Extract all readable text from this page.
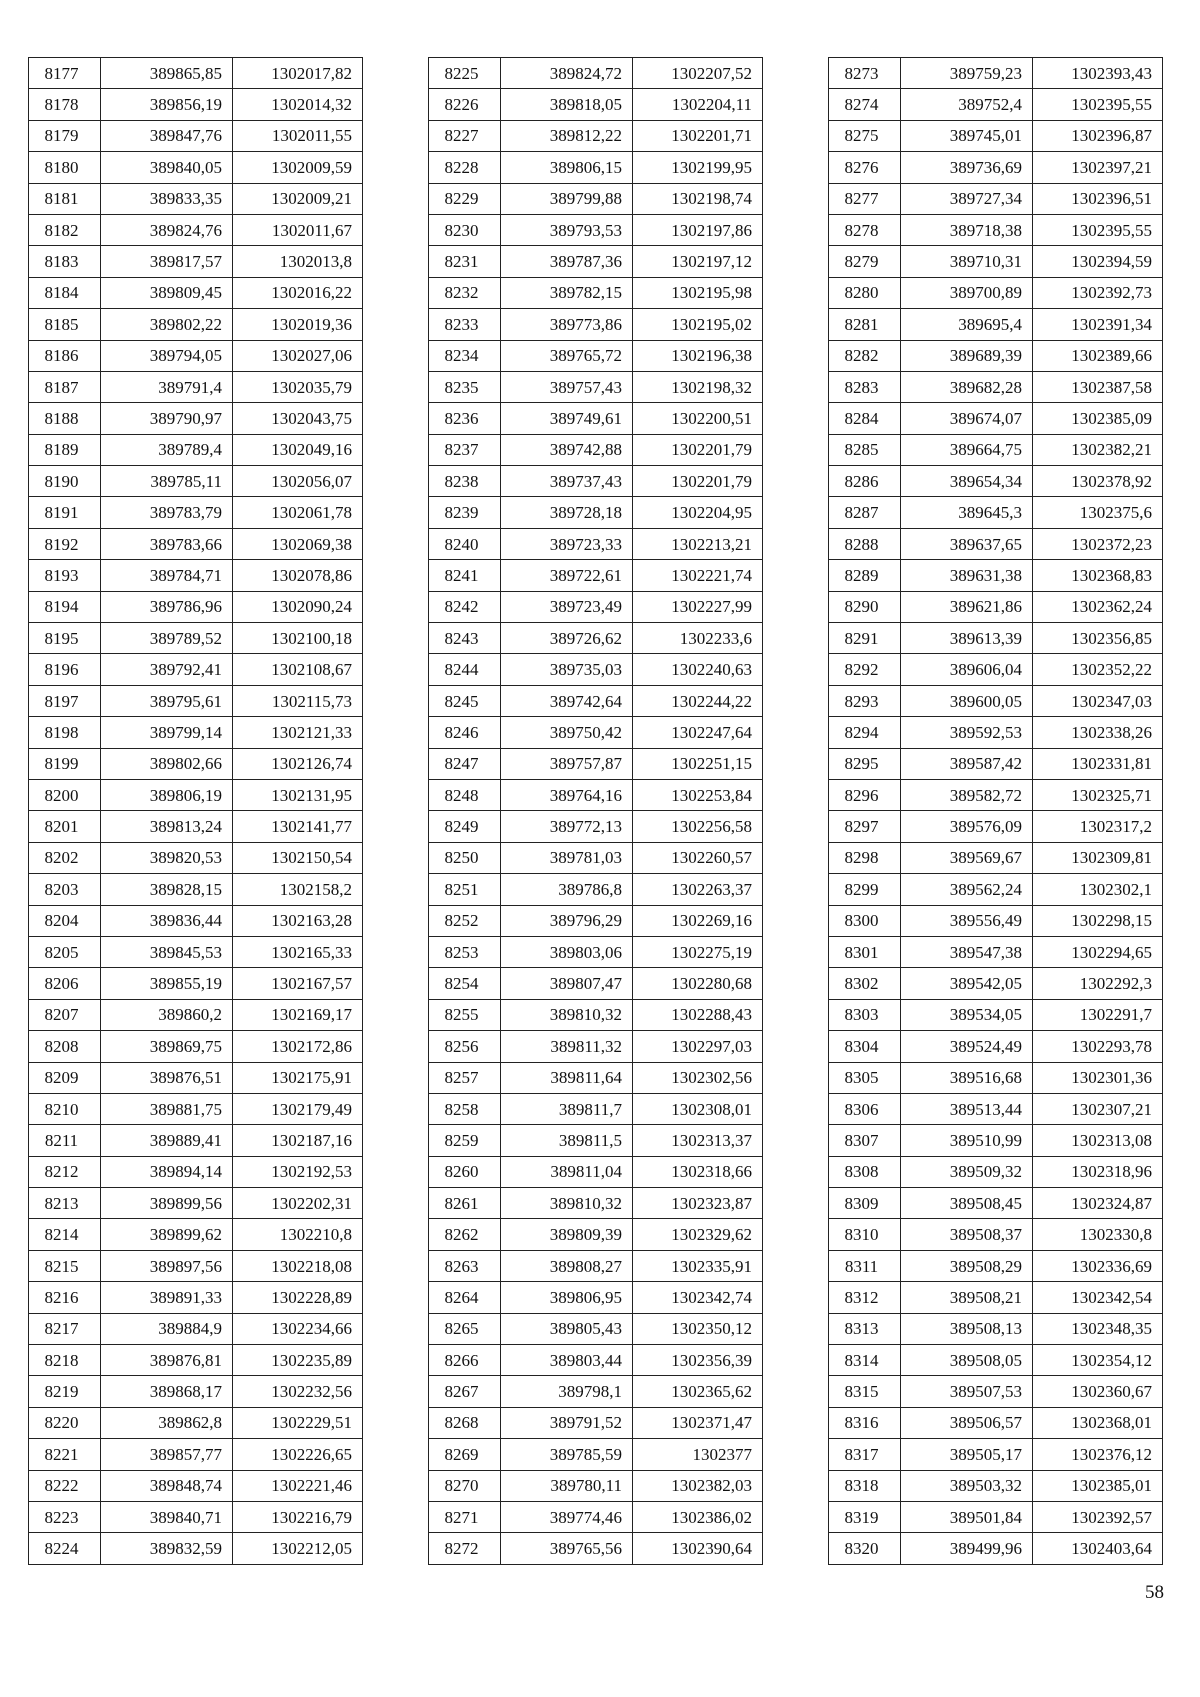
8177	389865,85	1302017,82
8178	389856,19	1302014,32
8179	389847,76	1302011,55
8180	389840,05	1302009,59
8181	389833,35	1302009,21
8182	389824,76	1302011,67
8183	389817,57	1302013,8
8184	389809,45	1302016,22
8185	389802,22	1302019,36
8186	389794,05	1302027,06
8187	389791,4	1302035,79
8188	389790,97	1302043,75
8189	389789,4	1302049,16
8190	389785,11	1302056,07
8191	389783,79	1302061,78
8192	389783,66	1302069,38
8193	389784,71	1302078,86
8194	389786,96	1302090,24
8195	389789,52	1302100,18
8196	389792,41	1302108,67
8197	389795,61	1302115,73
8198	389799,14	1302121,33
8199	389802,66	1302126,74
8200	389806,19	1302131,95
8201	389813,24	1302141,77
8202	389820,53	1302150,54
8203	389828,15	1302158,2
8204	389836,44	1302163,28
8205	389845,53	1302165,33
8206	389855,19	1302167,57
8207	389860,2	1302169,17
8208	389869,75	1302172,86
8209	389876,51	1302175,91
8210	389881,75	1302179,49
8211	389889,41	1302187,16
8212	389894,14	1302192,53
8213	389899,56	1302202,31
8214	389899,62	1302210,8
8215	389897,56	1302218,08
8216	389891,33	1302228,89
8217	389884,9	1302234,66
8218	389876,81	1302235,89
8219	389868,17	1302232,56
8220	389862,8	1302229,51
8221	389857,77	1302226,65
8222	389848,74	1302221,46
8223	389840,71	1302216,79
8224	389832,59	1302212,05
8225	389824,72	1302207,52
8226	389818,05	1302204,11
8227	389812,22	1302201,71
8228	389806,15	1302199,95
8229	389799,88	1302198,74
8230	389793,53	1302197,86
8231	389787,36	1302197,12
8232	389782,15	1302195,98
8233	389773,86	1302195,02
8234	389765,72	1302196,38
8235	389757,43	1302198,32
8236	389749,61	1302200,51
8237	389742,88	1302201,79
8238	389737,43	1302201,79
8239	389728,18	1302204,95
8240	389723,33	1302213,21
8241	389722,61	1302221,74
8242	389723,49	1302227,99
8243	389726,62	1302233,6
8244	389735,03	1302240,63
8245	389742,64	1302244,22
8246	389750,42	1302247,64
8247	389757,87	1302251,15
8248	389764,16	1302253,84
8249	389772,13	1302256,58
8250	389781,03	1302260,57
8251	389786,8	1302263,37
8252	389796,29	1302269,16
8253	389803,06	1302275,19
8254	389807,47	1302280,68
8255	389810,32	1302288,43
8256	389811,32	1302297,03
8257	389811,64	1302302,56
8258	389811,7	1302308,01
8259	389811,5	1302313,37
8260	389811,04	1302318,66
8261	389810,32	1302323,87
8262	389809,39	1302329,62
8263	389808,27	1302335,91
8264	389806,95	1302342,74
8265	389805,43	1302350,12
8266	389803,44	1302356,39
8267	389798,1	1302365,62
8268	389791,52	1302371,47
8269	389785,59	1302377
8270	389780,11	1302382,03
8271	389774,46	1302386,02
8272	389765,56	1302390,64
8273	389759,23	1302393,43
8274	389752,4	1302395,55
8275	389745,01	1302396,87
8276	389736,69	1302397,21
8277	389727,34	1302396,51
8278	389718,38	1302395,55
8279	389710,31	1302394,59
8280	389700,89	1302392,73
8281	389695,4	1302391,34
8282	389689,39	1302389,66
8283	389682,28	1302387,58
8284	389674,07	1302385,09
8285	389664,75	1302382,21
8286	389654,34	1302378,92
8287	389645,3	1302375,6
8288	389637,65	1302372,23
8289	389631,38	1302368,83
8290	389621,86	1302362,24
8291	389613,39	1302356,85
8292	389606,04	1302352,22
8293	389600,05	1302347,03
8294	389592,53	1302338,26
8295	389587,42	1302331,81
8296	389582,72	1302325,71
8297	389576,09	1302317,2
8298	389569,67	1302309,81
8299	389562,24	1302302,1
8300	389556,49	1302298,15
8301	389547,38	1302294,65
8302	389542,05	1302292,3
8303	389534,05	1302291,7
8304	389524,49	1302293,78
8305	389516,68	1302301,36
8306	389513,44	1302307,21
8307	389510,99	1302313,08
8308	389509,32	1302318,96
8309	389508,45	1302324,87
8310	389508,37	1302330,8
8311	389508,29	1302336,69
8312	389508,21	1302342,54
8313	389508,13	1302348,35
8314	389508,05	1302354,12
8315	389507,53	1302360,67
8316	389506,57	1302368,01
8317	389505,17	1302376,12
8318	389503,32	1302385,01
8319	389501,84	1302392,57
8320	389499,96	1302403,64
58
